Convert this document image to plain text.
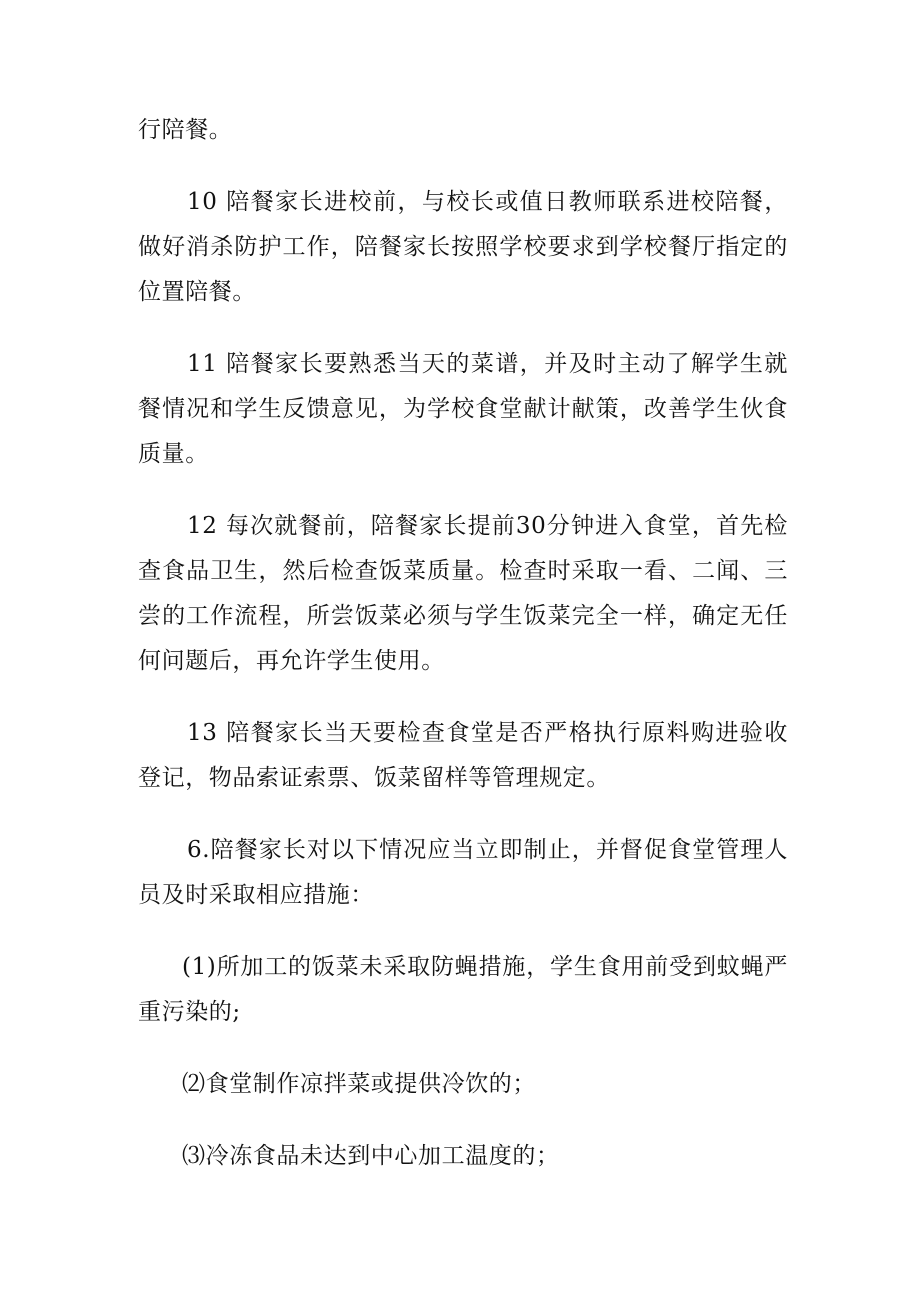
行陪餐。

10 陪餐家长进校前，与校长或值日教师联系进校陪餐，做好消杀防护工作，陪餐家长按照学校要求到学校餐厅指定的位置陪餐。

11 陪餐家长要熟悉当天的菜谱，并及时主动了解学生就餐情况和学生反馈意见，为学校食堂献计献策，改善学生伙食质量。

12 每次就餐前，陪餐家长提前30分钟进入食堂，首先检查食品卫生，然后检查饭菜质量。检查时采取一看、二闻、三尝的工作流程，所尝饭菜必须与学生饭菜完全一样，确定无任何问题后，再允许学生使用。

13 陪餐家长当天要检查食堂是否严格执行原料购进验收登记，物品索证索票、饭菜留样等管理规定。

6.陪餐家长对以下情况应当立即制止，并督促食堂管理人员及时采取相应措施：

(1)所加工的饭菜未采取防蝇措施，学生食用前受到蚊蝇严重污染的;

⑵食堂制作凉拌菜或提供冷饮的；

⑶冷冻食品未达到中心加工温度的；
